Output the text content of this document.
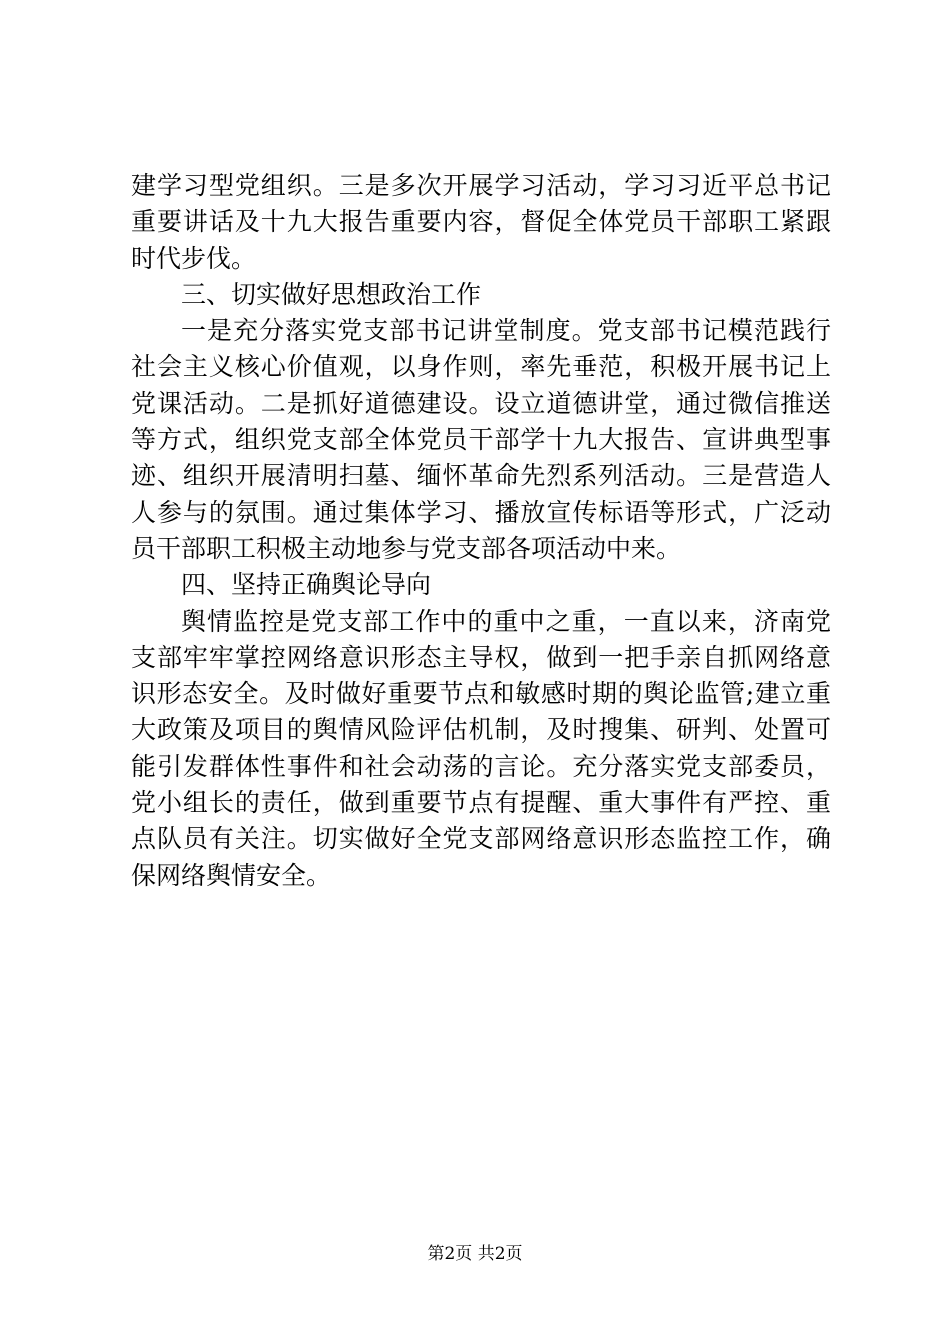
建学习型党组织。三是多次开展学习活动，学习习近平总书记
重要讲话及十九大报告重要内容，督促全体党员干部职工紧跟
时代步伐。
三、切实做好思想政治工作
一是充分落实党支部书记讲堂制度。党支部书记模范践行
社会主义核心价值观，以身作则，率先垂范，积极开展书记上
党课活动。二是抓好道德建设。设立道德讲堂，通过微信推送
等方式，组织党支部全体党员干部学十九大报告、宣讲典型事
迹、组织开展清明扫墓、缅怀革命先烈系列活动。三是营造人
人参与的氛围。通过集体学习、播放宣传标语等形式，广泛动
员干部职工积极主动地参与党支部各项活动中来。
四、坚持正确舆论导向
舆情监控是党支部工作中的重中之重，一直以来，济南党
支部牢牢掌控网络意识形态主导权，做到一把手亲自抓网络意
识形态安全。及时做好重要节点和敏感时期的舆论监管;建立重
大政策及项目的舆情风险评估机制，及时搜集、研判、处置可
能引发群体性事件和社会动荡的言论。充分落实党支部委员，
党小组长的责任，做到重要节点有提醒、重大事件有严控、重
点队员有关注。切实做好全党支部网络意识形态监控工作，确
保网络舆情安全。
第2页 共2页
